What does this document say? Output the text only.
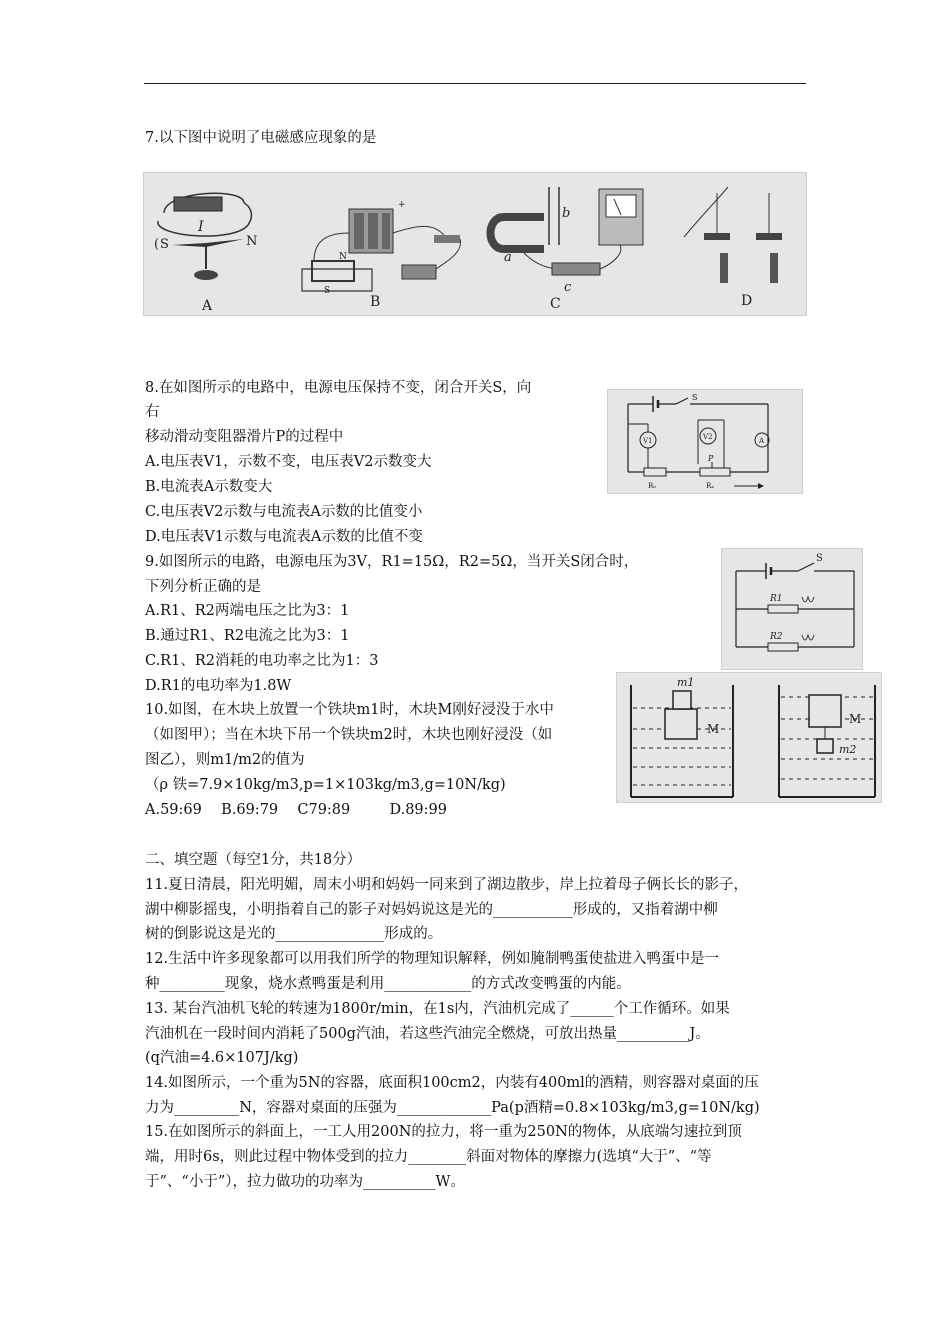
7.以下图中说明了电磁感应现象的是
I
( S	N
A
N
S
+
B
b
a
c
C	D
8.在如图所示的电路中，电源电压保持不变，闭合开关S，向
右
移动滑动变阻器滑片P的过程中
A.电压表V1，示数不变，电压表V2示数变大
B.电流表A示数变大
C.电压表V2示数与电流表A示数的比值变小
D.电压表V1示数与电流表A示数的比值不变
S
V1	V2	A
P
R₀	Rₓ
9.如图所示的电路，电源电压为3V，R1=15Ω，R2=5Ω，当开关S闭合时，
下列分析正确的是
A.R1、R2两端电压之比为3：1
B.通过R1、R2电流之比为3：1
C.R1、R2消耗的电功率之比为1：3
D.R1的电功率为1.8W
S
R1
R2
10.如图，在木块上放置一个铁块m1时，木块M刚好浸没于水中
（如图甲）；当在木块下吊一个铁块m2时，木块也刚好浸没（如
图乙），则m1/m2的值为
（ρ 铁=7.9×10kg/m3,p=1×103kg/m3,g=10N/kg)
A.59:69 B.69:79 C79:89	D.89:99
m1
M
M
m2
二、填空题（每空1分，共18分）
11.夏日清晨，阳光明媚，周末小明和妈妈一同来到了湖边散步，岸上拉着母子俩长长的影子，
湖中柳影摇曳，小明指着自己的影子对妈妈说这是光的___________形成的，又指着湖中柳
树的倒影说这是光的_______________形成的。
12.生活中许多现象都可以用我们所学的物理知识解释，例如腌制鸭蛋使盐进入鸭蛋中是一
种_________现象，烧水煮鸭蛋是利用____________的方式改变鸭蛋的内能。
13. 某台汽油机飞轮的转速为1800r/min，在1s内，汽油机完成了______个工作循环。如果
汽油机在一段时间内消耗了500g汽油，若这些汽油完全燃烧，可放出热量__________J。
(q汽油=4.6×107J/kg)
14.如图所示，一个重为5N的容器，底面积100cm2，内装有400ml的酒精，则容器对桌面的压
力为_________N，容器对桌面的压强为_____________Pa(p酒精=0.8×103kg/m3,g=10N/kg)
15.在如图所示的斜面上，一工人用200N的拉力，将一重为250N的物体，从底端匀速拉到顶
端，用时6s，则此过程中物体受到的拉力________斜面对物体的摩擦力(选填“大于”、“等
于”、“小于”），拉力做功的功率为__________W。
